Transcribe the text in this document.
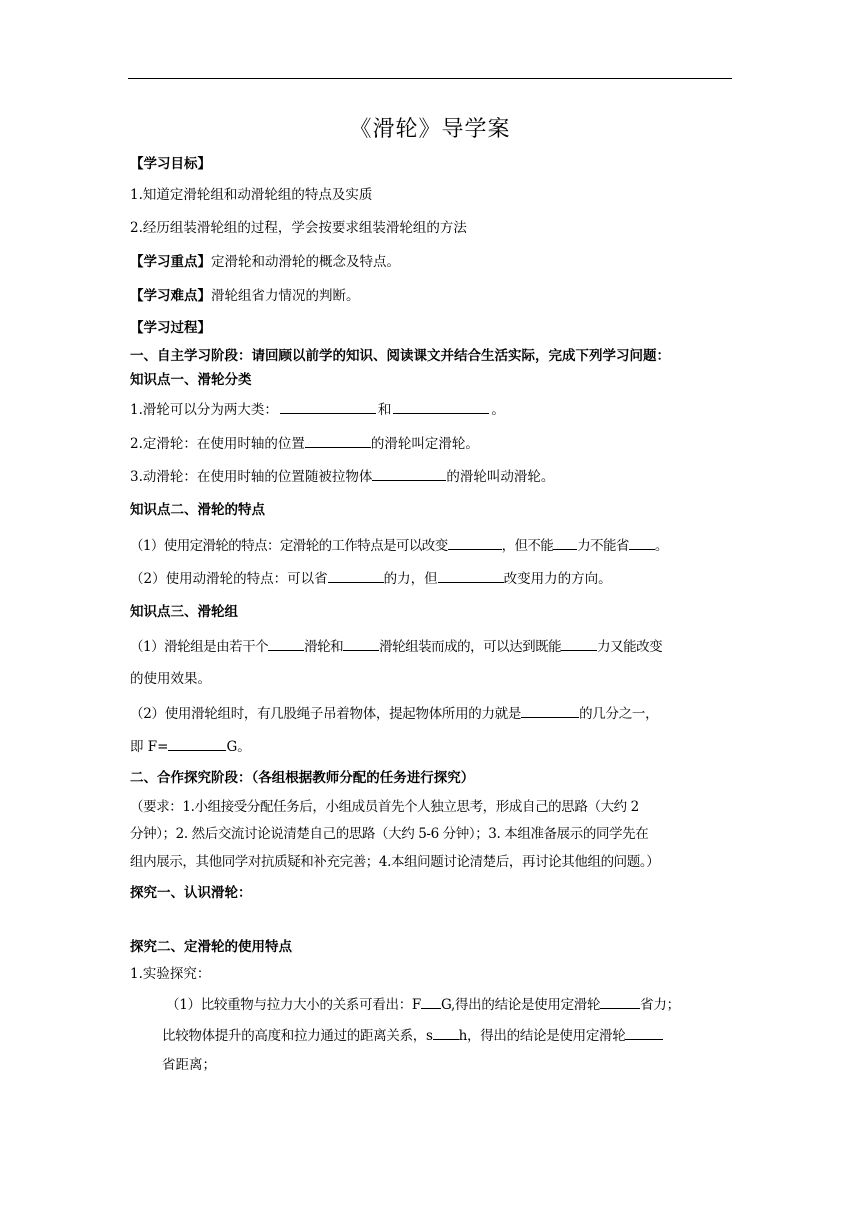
《滑轮》导学案
【学习目标】
1.知道定滑轮组和动滑轮组的特点及实质
2.经历组装滑轮组的过程，学会按要求组装滑轮组的方法
【学习重点】定滑轮和动滑轮的概念及特点。
【学习难点】滑轮组省力情况的判断。
【学习过程】
一、自主学习阶段：请回顾以前学的知识、阅读课文并结合生活实际，完成下列学习问题：
知识点一、滑轮分类
1.滑轮可以分为两大类：	和	。
2.定滑轮：在使用时轴的位置	的滑轮叫定滑轮。
3.动滑轮：在使用时轴的位置随被拉物体	的滑轮叫动滑轮。
知识点二、滑轮的特点
（1）使用定滑轮的特点：定滑轮的工作特点是可以改变	，但不能 力不能省 。
（2）使用动滑轮的特点：可以省	的力，但	改变用力的方向。
知识点三、滑轮组
（1）滑轮组是由若干个	滑轮和	滑轮组装而成的，可以达到既能	力又能改变
的使用效果。
（2）使用滑轮组时，有几股绳子吊着物体，提起物体所用的力就是	的几分之一，
即 F=	G。
二、合作探究阶段：（各组根据教师分配的任务进行探究）
（要求：1.小组接受分配任务后，小组成员首先个人独立思考，形成自己的思路（大约 2
分钟）；2. 然后交流讨论说清楚自己的思路（大约 5-6 分钟）；3. 本组准备展示的同学先在
组内展示，其他同学对抗质疑和补充完善；4.本组问题讨论清楚后，再讨论其他组的问题。）
探究一、认识滑轮：
探究二、定滑轮的使用特点
1.实验探究：
（1）比较重物与拉力大小的关系可看出：F G,得出的结论是使用定滑轮	省力；
比较物体提升的高度和拉力通过的距离关系，s h，得出的结论是使用定滑轮
省距离；
